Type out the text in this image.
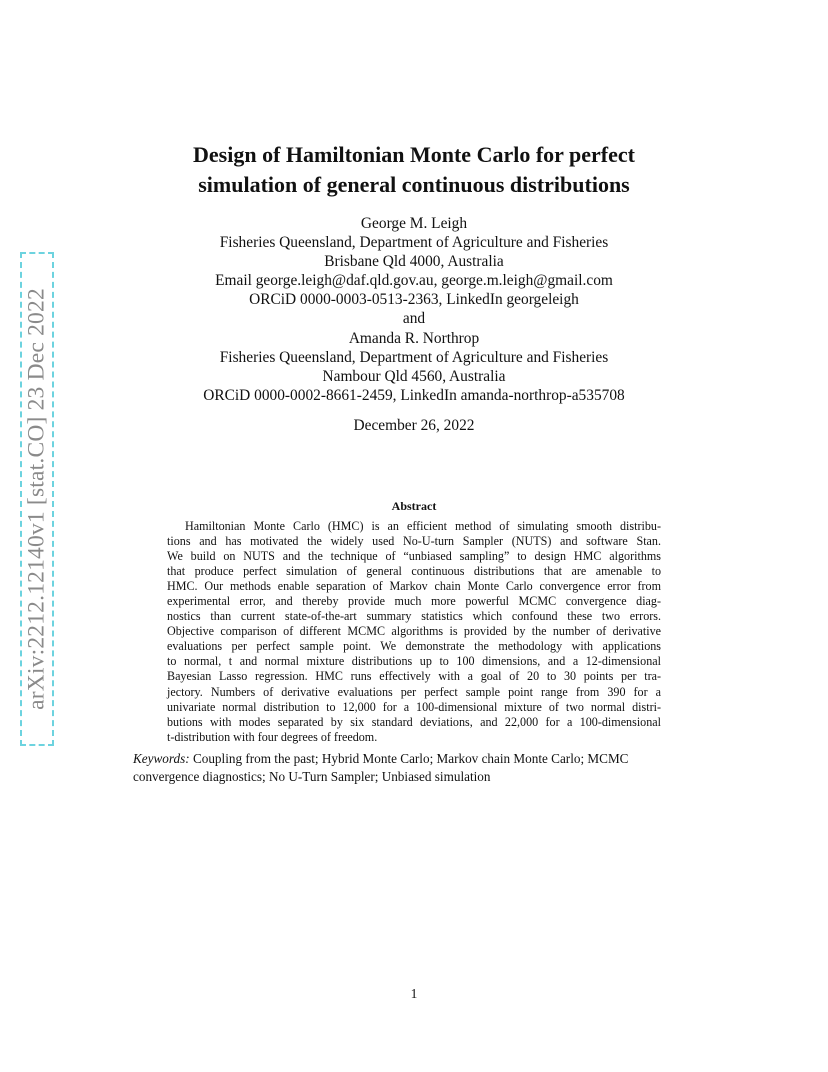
arXiv:2212.12140v1 [stat.CO] 23 Dec 2022
Design of Hamiltonian Monte Carlo for perfect
simulation of general continuous distributions
George M. Leigh
Fisheries Queensland, Department of Agriculture and Fisheries
Brisbane Qld 4000, Australia
Email george.leigh@daf.qld.gov.au, george.m.leigh@gmail.com
ORCiD 0000-0003-0513-2363, LinkedIn georgeleigh
and
Amanda R. Northrop
Fisheries Queensland, Department of Agriculture and Fisheries
Nambour Qld 4560, Australia
ORCiD 0000-0002-8661-2459, LinkedIn amanda-northrop-a535708
December 26, 2022
Abstract
Hamiltonian Monte Carlo (HMC) is an efficient method of simulating smooth distribu-
tions and has motivated the widely used No-U-turn Sampler (NUTS) and software Stan.
We build on NUTS and the technique of “unbiased sampling” to design HMC algorithms
that produce perfect simulation of general continuous distributions that are amenable to
HMC. Our methods enable separation of Markov chain Monte Carlo convergence error from
experimental error, and thereby provide much more powerful MCMC convergence diag-
nostics than current state-of-the-art summary statistics which confound these two errors.
Objective comparison of different MCMC algorithms is provided by the number of derivative
evaluations per perfect sample point. We demonstrate the methodology with applications
to normal, t and normal mixture distributions up to 100 dimensions, and a 12-dimensional
Bayesian Lasso regression. HMC runs effectively with a goal of 20 to 30 points per tra-
jectory. Numbers of derivative evaluations per perfect sample point range from 390 for a
univariate normal distribution to 12,000 for a 100-dimensional mixture of two normal distri-
butions with modes separated by six standard deviations, and 22,000 for a 100-dimensional
t-distribution with four degrees of freedom.
Keywords: Coupling from the past; Hybrid Monte Carlo; Markov chain Monte Carlo; MCMC
convergence diagnostics; No U-Turn Sampler; Unbiased simulation
1
